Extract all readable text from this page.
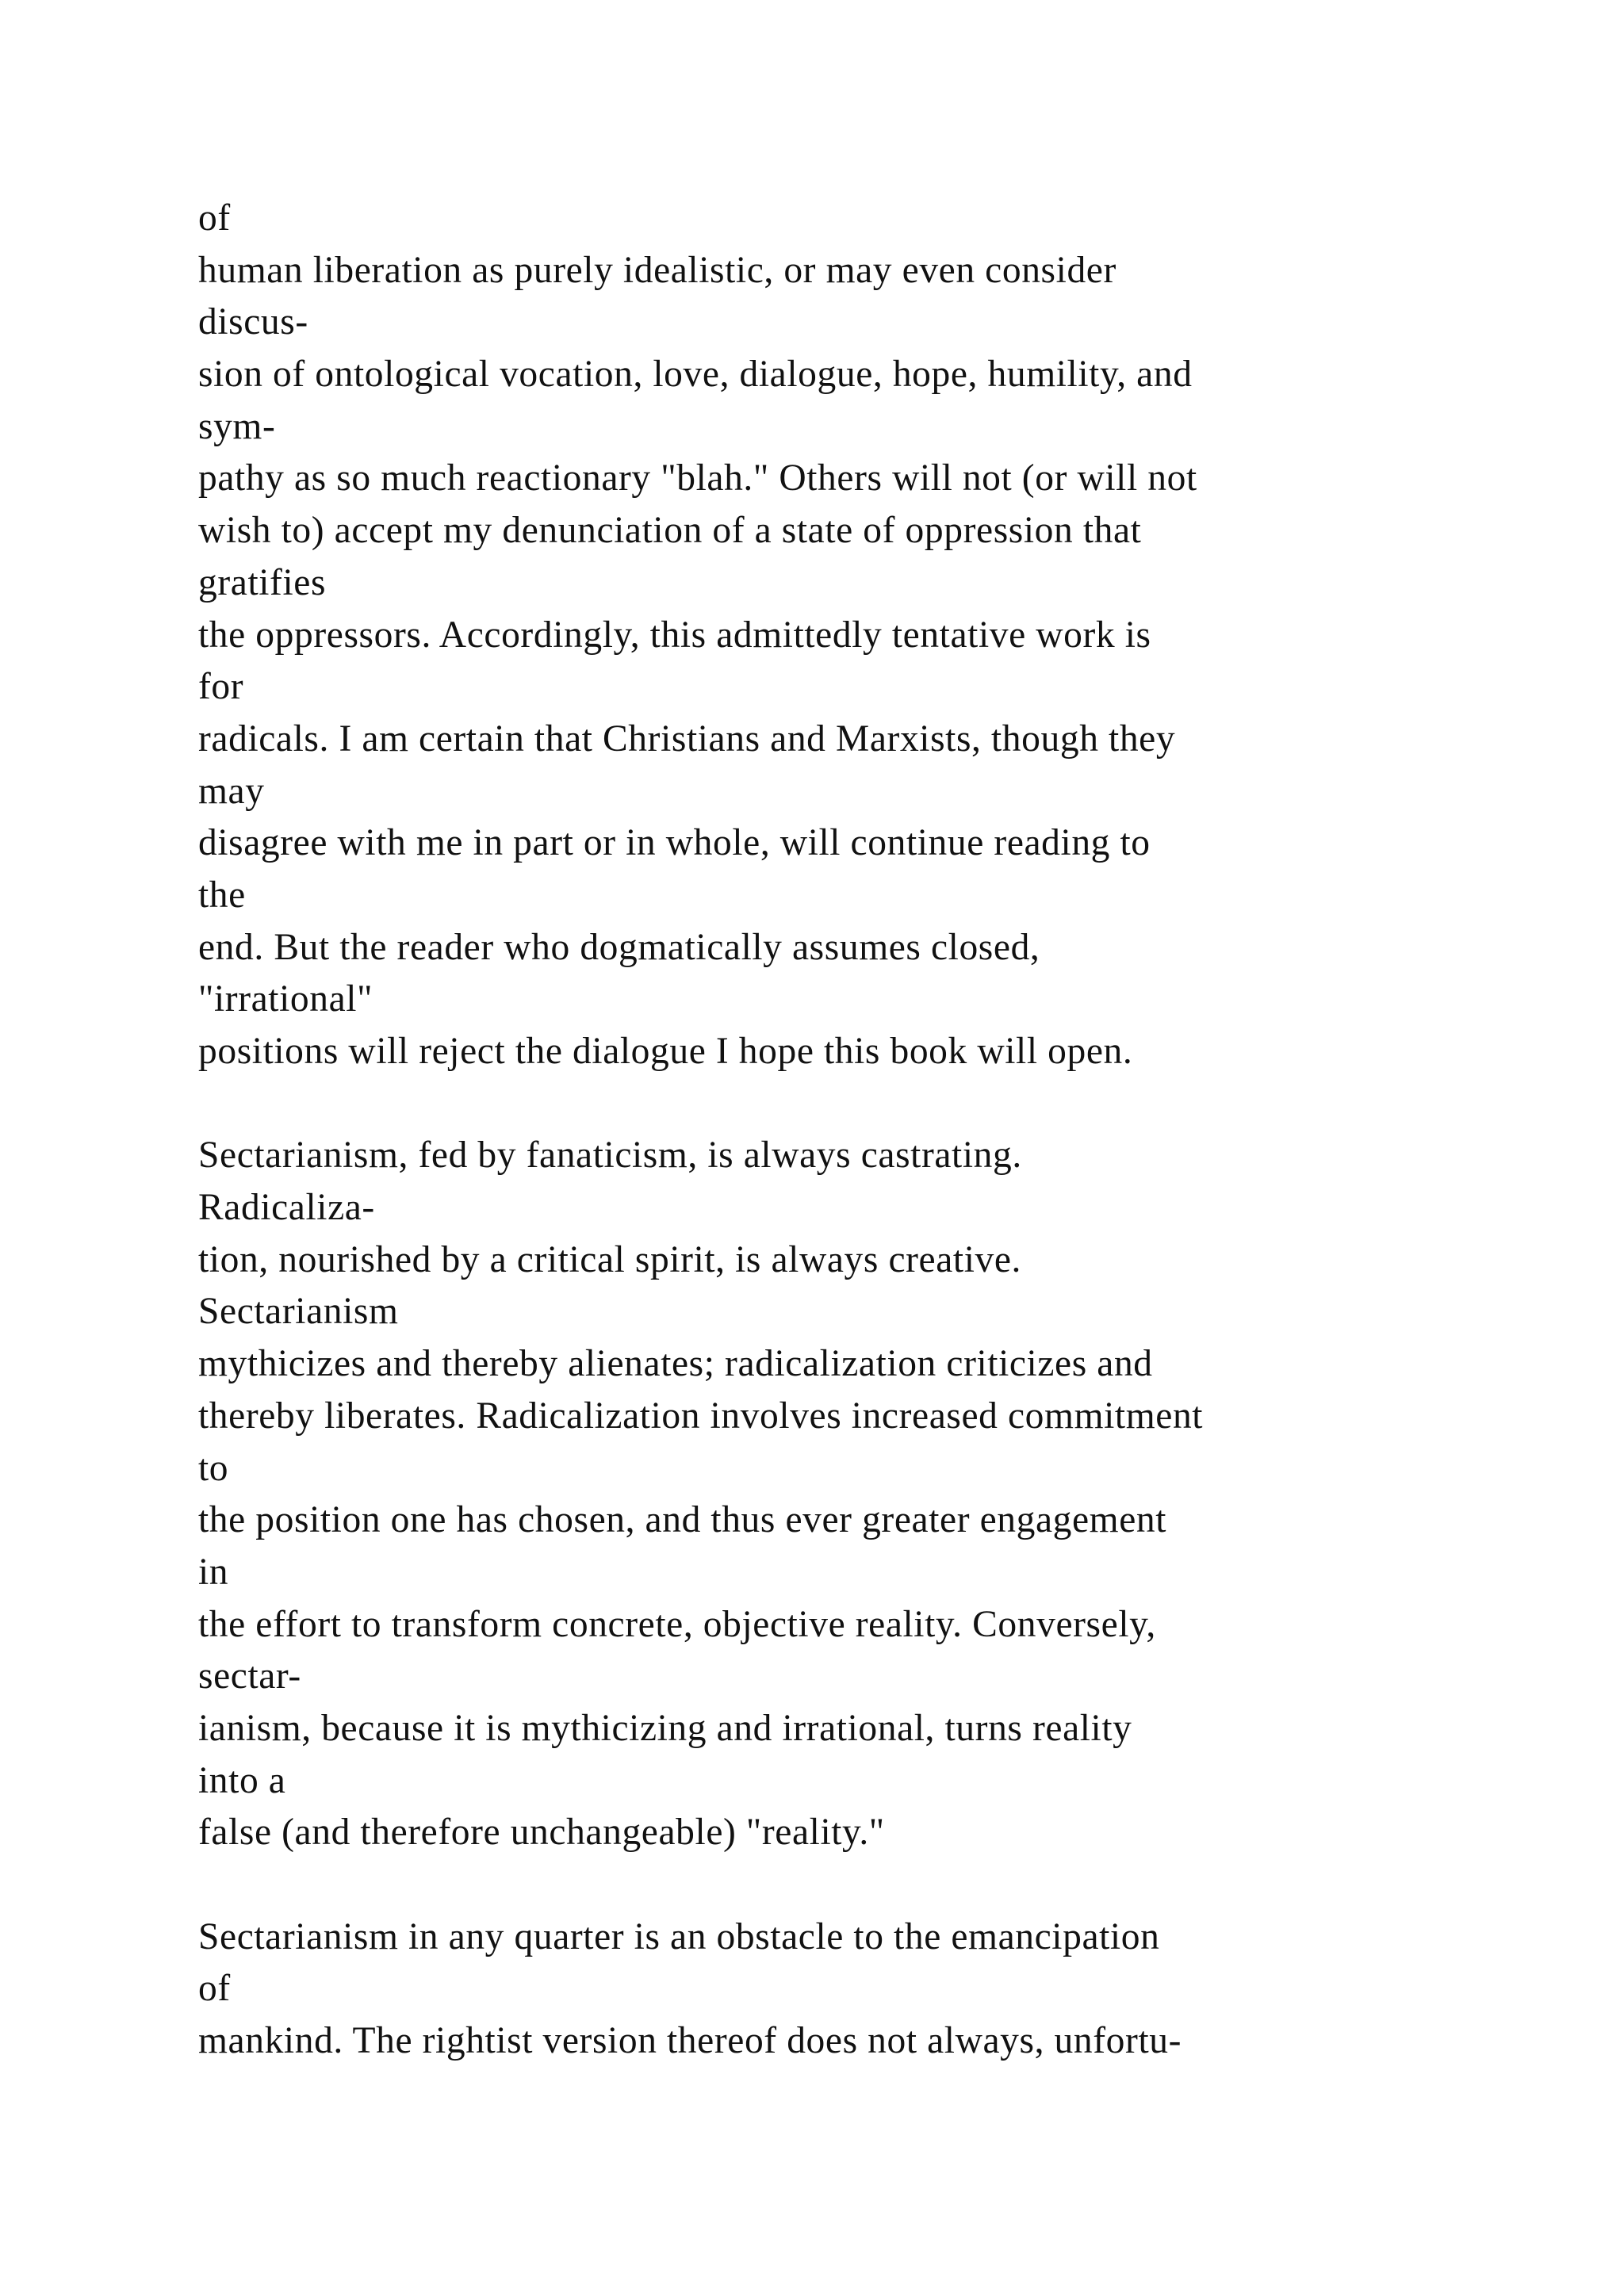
of
human liberation as purely idealistic, or may even consider
discus-
sion of ontological vocation, love, dialogue, hope, humility, and
sym-
pathy as so much reactionary "blah." Others will not (or will not
wish to) accept my denunciation of a state of oppression that
gratifies
the oppressors. Accordingly, this admittedly tentative work is
for
radicals. I am certain that Christians and Marxists, though they
may
disagree with me in part or in whole, will continue reading to
the
end. But the reader who dogmatically assumes closed,
"irrational"
positions will reject the dialogue I hope this book will open.
Sectarianism, fed by fanaticism, is always castrating.
Radicaliza-
tion, nourished by a critical spirit, is always creative.
Sectarianism
mythicizes and thereby alienates; radicalization criticizes and
thereby liberates. Radicalization involves increased commitment
to
the position one has chosen, and thus ever greater engagement
in
the effort to transform concrete, objective reality. Conversely,
sectar-
ianism, because it is mythicizing and irrational, turns reality
into a
false (and therefore unchangeable) "reality."
Sectarianism in any quarter is an obstacle to the emancipation
of
mankind. The rightist version thereof does not always, unfortu-
